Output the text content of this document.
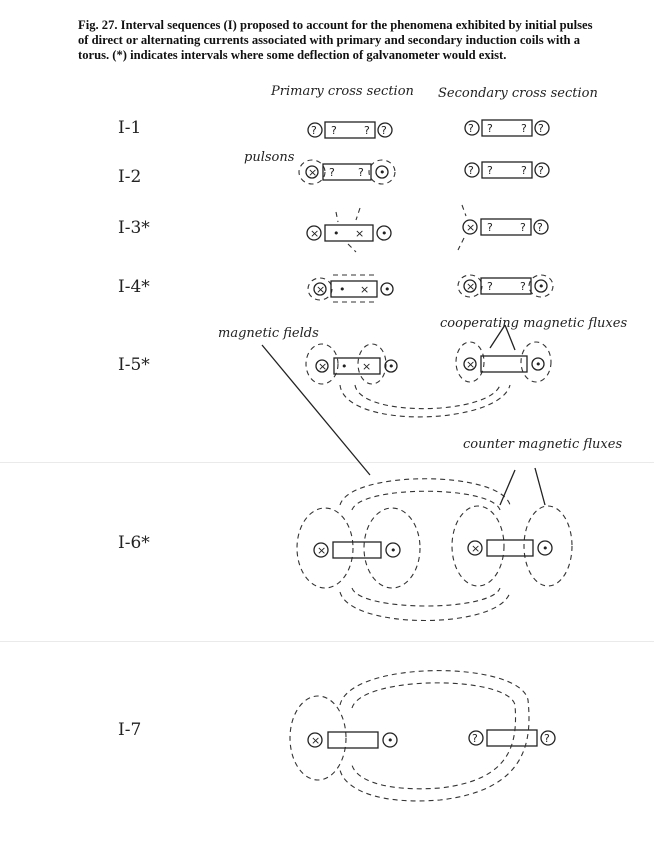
Fig. 27. Interval sequences (I) proposed to account for the phenomena exhibited by initial pulses of direct or alternating currents associated with primary and secondary induction coils with a torus. (*) indicates intervals where some deflection of galvanometer would exist.
Primary cross section Secondary cross section
I-1
I-2
I-3*
I-4*
I-5*
I-6*
I-7
pulsons
magnetic fields
cooperating magnetic fluxes
counter magnetic fluxes
? ? ? ?	? ?	? ?
× ? ? •	? ?	? ?
× • × •	× ? ? ?
× • × •	× ? ? •
× • × •	×	•
×	•	×	•
×	•	?	?
